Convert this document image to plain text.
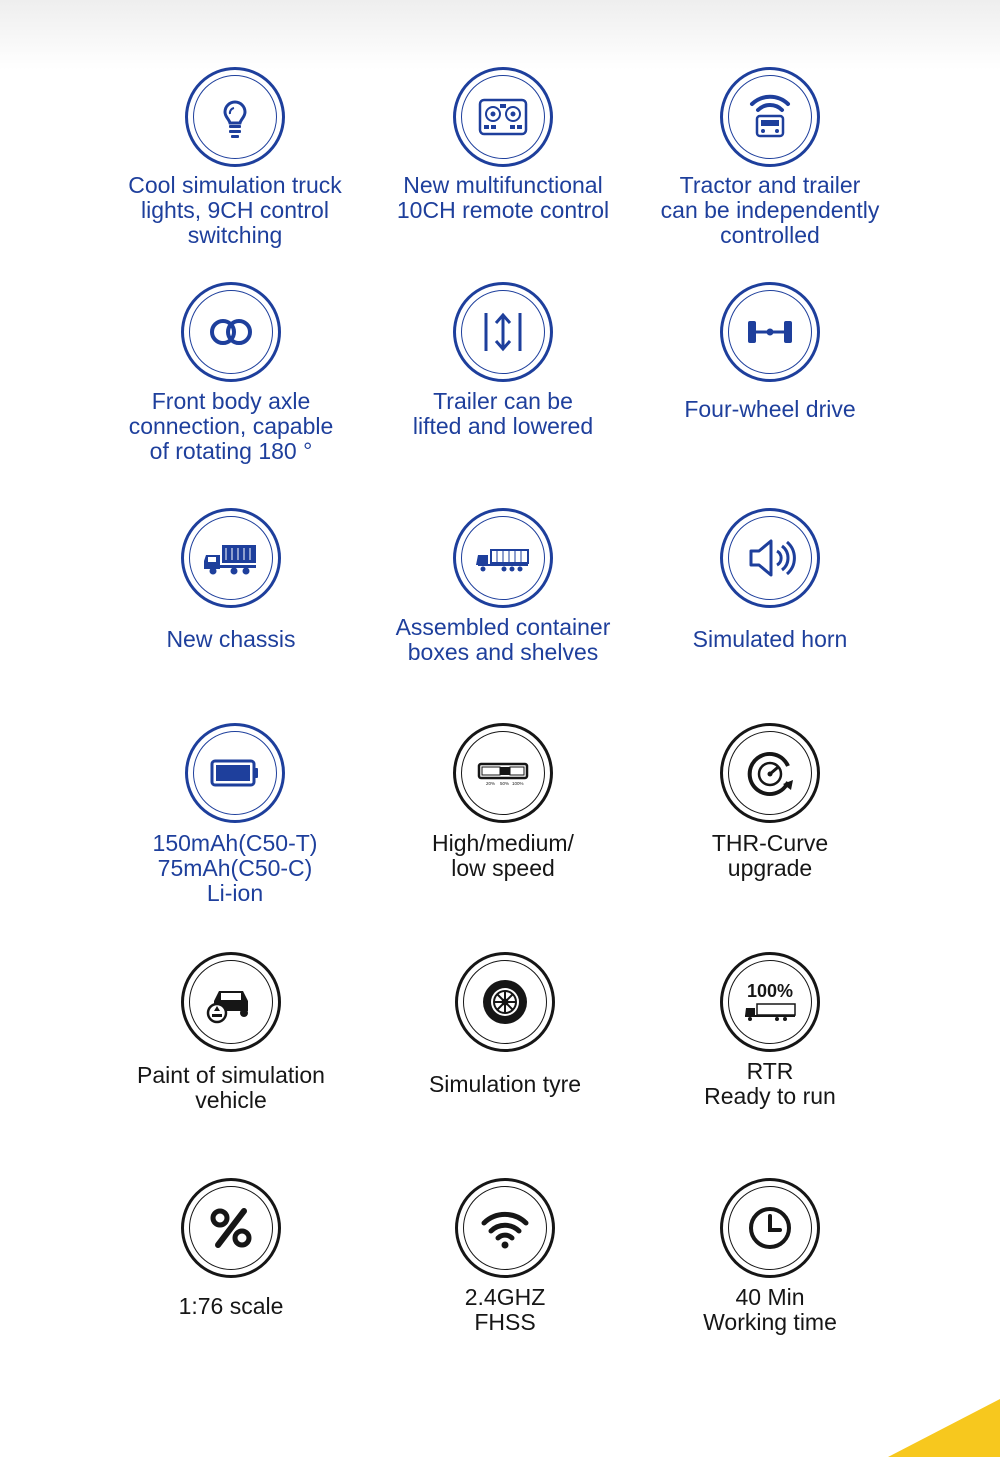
Cool simulation truck
lights, 9CH control
switching
New multifunctional
10CH remote control
Tractor and trailer
can be independently
controlled
Front body axle
connection, capable
of rotating 180 °
Trailer can be
lifted and lowered
Four-wheel drive
New chassis	Assembled container
boxes and shelves	Simulated horn
150mAh(C50-T)
75mAh(C50-C)
Li-ion
20% 50% 100%
High/medium/
low speed
THR-Curve
upgrade
Paint of simulation
vehicle
Simulation tyre
100%
RTR
Ready to run
1:76 scale	2.4GHZ
FHSS
40 Min
Working time
